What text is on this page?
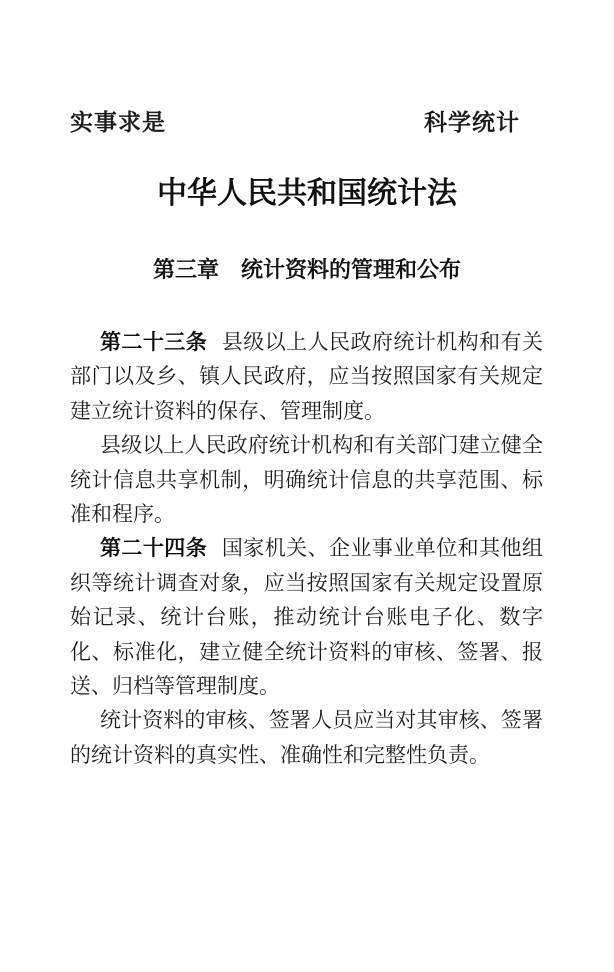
实事求是	科学统计
中华人民共和国统计法
第三章 统计资料的管理和公布

第二十三条 县级以上人民政府统计机构和有关部门以及乡、镇人民政府，应当按照国家有关规定建立统计资料的保存、管理制度。

县级以上人民政府统计机构和有关部门建立健全统计信息共享机制，明确统计信息的共享范围、标准和程序。

第二十四条 国家机关、企业事业单位和其他组织等统计调查对象，应当按照国家有关规定设置原始记录、统计台账，推动统计台账电子化、数字化、标准化，建立健全统计资料的审核、签署、报送、归档等管理制度。

统计资料的审核、签署人员应当对其审核、签署的统计资料的真实性、准确性和完整性负责。
